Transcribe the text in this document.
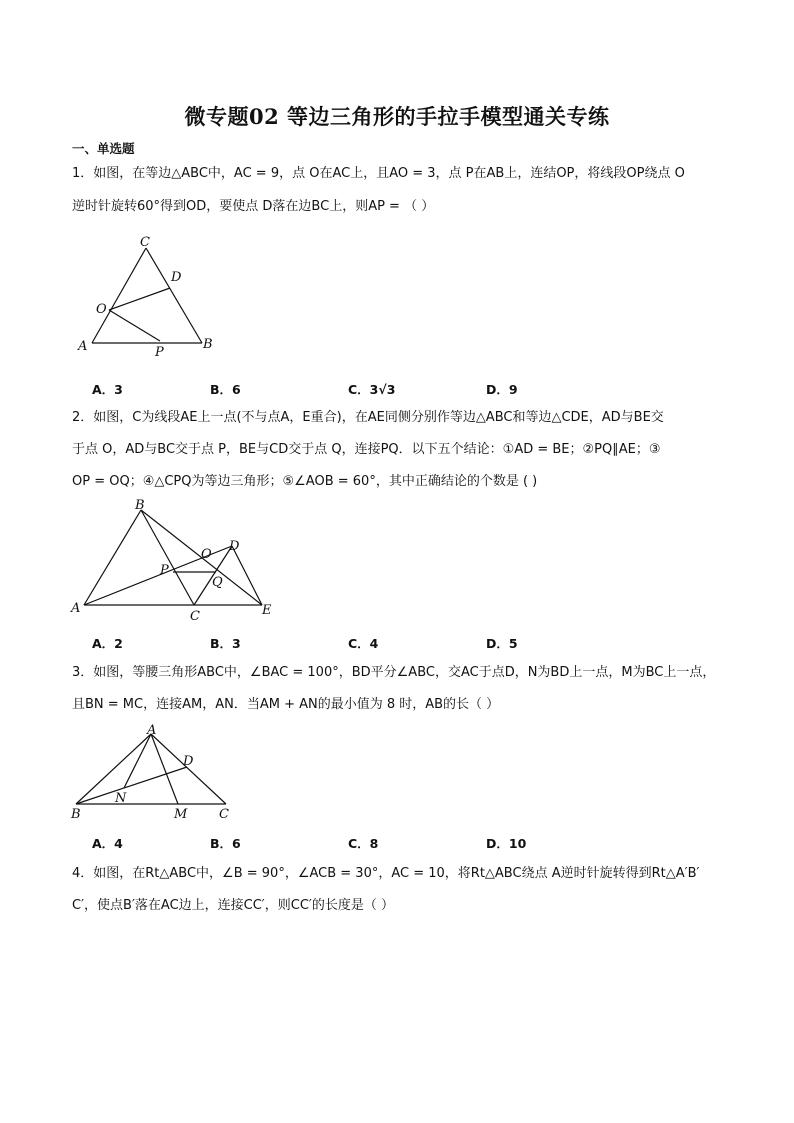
微专题02 等边三角形的手拉手模型通关专练
一、单选题
1．如图，在等边△ABC中，AC = 9，点 O在AC上，且AO = 3，点 P在AB上，连结OP，将线段OP绕点 O
逆时针旋转60°得到OD，要使点 D落在边BC上，则AP = （ ）
A	B
C
D
O
P
A．3	B．6	C．3√3	D．9
2．如图，C为线段AE上一点(不与点A，E重合)，在AE同侧分别作等边△ABC和等边△CDE，AD与BE交
于点 O，AD与BC交于点 P，BE与CD交于点 Q，连接PQ．以下五个结论：①AD = BE；②PQ∥AE；③
OP = OQ；④△CPQ为等边三角形；⑤∠AOB = 60°，其中正确结论的个数是 ( )
A
B
C
D
E
O
P
Q
A．2	B．3	C．4	D．5
3．如图，等腰三角形ABC中，∠BAC = 100°，BD平分∠ABC，交AC于点D，N为BD上一点，M为BC上一点，
且BN = MC，连接AM，AN．当AM + AN的最小值为 8 时，AB的长（ ）
A
B	C
D
M
N
A．4	B．6	C．8	D．10
4．如图，在Rt△ABC中，∠B = 90°，∠ACB = 30°，AC = 10，将Rt△ABC绕点 A逆时针旋转得到Rt△A′B′
C′，使点B′落在AC边上，连接CC′，则CC′的长度是（ ）
